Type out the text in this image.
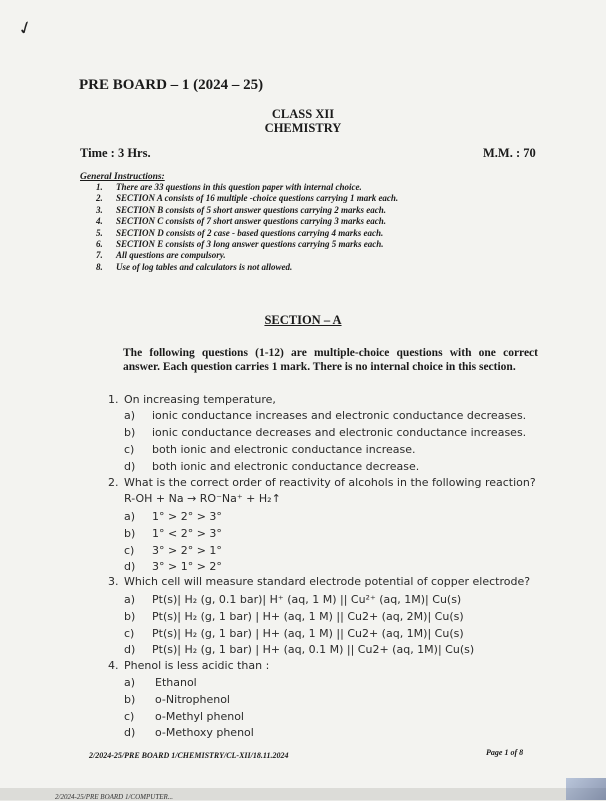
✓
PRE BOARD – 1 (2024 – 25)
CLASS XII
CHEMISTRY
Time : 3 Hrs.	M.M. : 70
General Instructions:
1. There are 33 questions in this question paper with internal choice.
2. SECTION A consists of 16 multiple -choice questions carrying 1 mark each.
3. SECTION B consists of 5 short answer questions carrying 2 marks each.
4. SECTION C consists of 7 short answer questions carrying 3 marks each.
5. SECTION D consists of 2 case - based questions carrying 4 marks each.
6. SECTION E consists of 3 long answer questions carrying 5 marks each.
7. All questions are compulsory.
8. Use of log tables and calculators is not allowed.
SECTION – A
The following questions (1-12) are multiple-choice questions with one correct answer. Each question carries 1 mark. There is no internal choice in this section.
1. On increasing temperature,
a) ionic conductance increases and electronic conductance decreases.
b) ionic conductance decreases and electronic conductance increases.
c) both ionic and electronic conductance increase.
d) both ionic and electronic conductance decrease.
2. What is the correct order of reactivity of alcohols in the following reaction?
R-OH + Na → RO⁻Na⁺ + H₂↑
a) 1° > 2° > 3°
b) 1° < 2° > 3°
c) 3° > 2° > 1°
d) 3° > 1° > 2°
3. Which cell will measure standard electrode potential of copper electrode?
a) Pt(s)| H₂ (g, 0.1 bar)| H⁺ (aq, 1 M) || Cu²⁺ (aq, 1M)| Cu(s)
b) Pt(s)| H₂ (g, 1 bar) | H+ (aq, 1 M) || Cu2+ (aq, 2M)| Cu(s)
c) Pt(s)| H₂ (g, 1 bar) | H+ (aq, 1 M) || Cu2+ (aq, 1M)| Cu(s)
d) Pt(s)| H₂ (g, 1 bar) | H+ (aq, 0.1 M) || Cu2+ (aq, 1M)| Cu(s)
4. Phenol is less acidic than :
a) Ethanol
b) o-Nitrophenol
c) o-Methyl phenol
d) o-Methoxy phenol
2/2024-25/PRE BOARD 1/CHEMISTRY/CL-XII/18.11.2024	Page 1 of 8
2/2024-25/PRE BOARD 1/COMPUTER...
